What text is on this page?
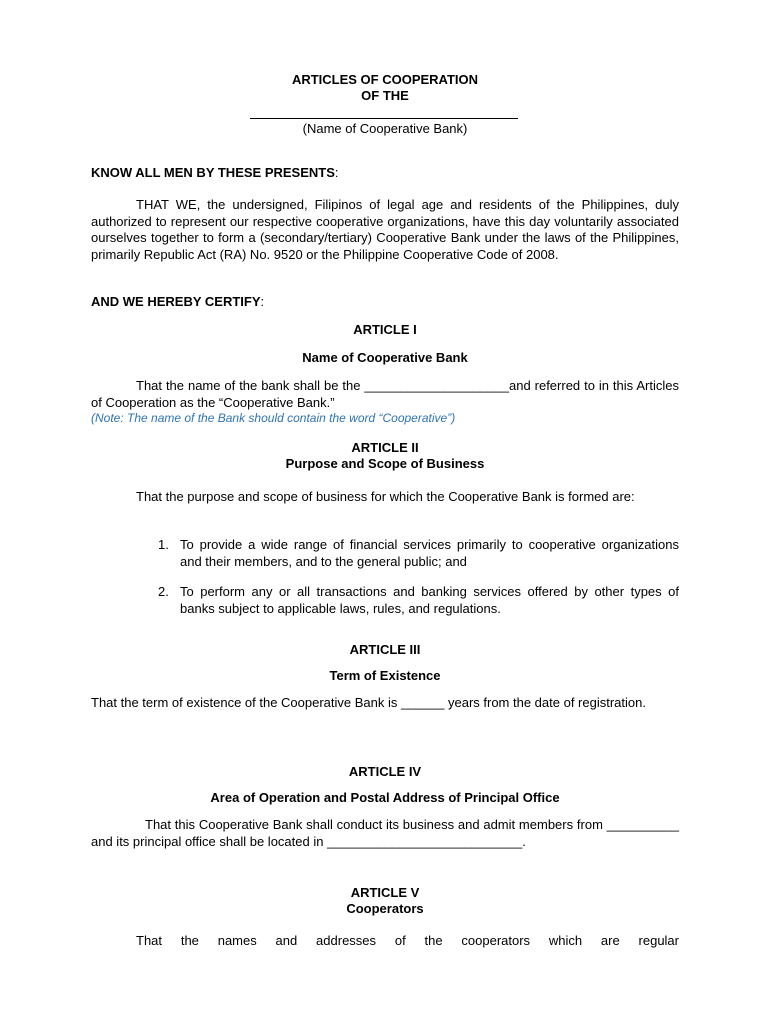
ARTICLES OF COOPERATION
OF THE
(Name of Cooperative Bank)
KNOW ALL MEN BY THESE PRESENTS:
THAT WE, the undersigned, Filipinos of legal age and residents of the Philippines, duly authorized to represent our respective cooperative organizations, have this day voluntarily associated ourselves together to form a (secondary/tertiary) Cooperative Bank under the laws of the Philippines, primarily Republic Act (RA) No. 9520 or the Philippine Cooperative Code of 2008.
AND WE HEREBY CERTIFY:
ARTICLE I
Name of Cooperative Bank
That the name of the bank shall be the ____________________and referred to in this Articles of Cooperation as the “Cooperative Bank.”
(Note: The name of the Bank should contain the word “Cooperative”)
ARTICLE II
Purpose and Scope of Business
That the purpose and scope of business for which the Cooperative Bank is formed are:
1. To provide a wide range of financial services primarily to cooperative organizations and their members, and to the general public; and
2. To perform any or all transactions and banking services offered by other types of banks subject to applicable laws, rules, and regulations.
ARTICLE III
Term of Existence
That the term of existence of the Cooperative Bank is ______ years from the date of registration.
ARTICLE IV
Area of Operation and Postal Address of Principal Office
That this Cooperative Bank shall conduct its business and admit members from __________ and its principal office shall be located in ___________________________.
ARTICLE V
Cooperators
That the names and addresses of the cooperators which are regular
